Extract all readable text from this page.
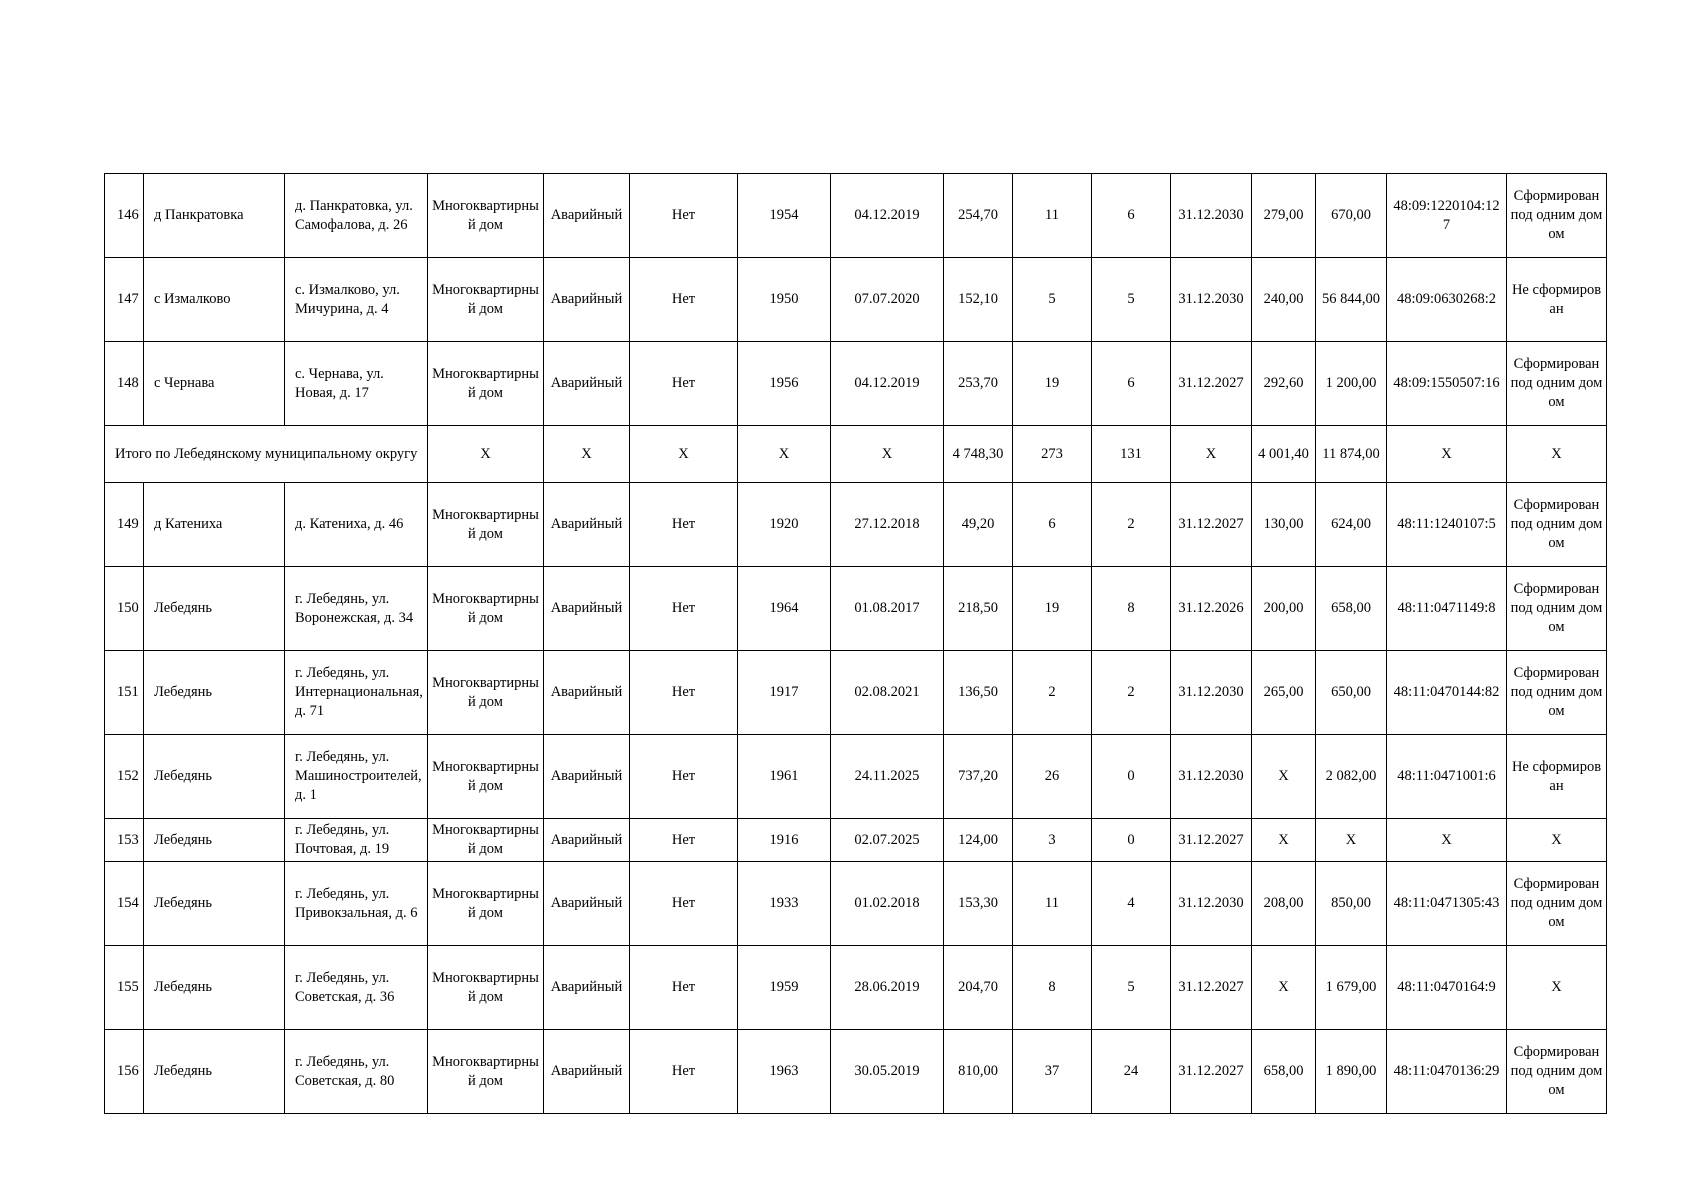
146	д Панкратовка	д. Панкратовка, ул. Самофалова, д. 26	Многоквартирный дом	Аварийный	Нет	1954	04.12.2019	254,70	11	6	31.12.2030	279,00	670,00	48:09:1220104:127	Сформирован под одним домом
147	с Измалково	с. Измалково, ул. Мичурина, д. 4	Многоквартирный дом	Аварийный	Нет	1950	07.07.2020	152,10	5	5	31.12.2030	240,00	56 844,00	48:09:0630268:2	Не сформирован
148	с Чернава	с. Чернава, ул. Новая, д. 17	Многоквартирный дом	Аварийный	Нет	1956	04.12.2019	253,70	19	6	31.12.2027	292,60	1 200,00	48:09:1550507:16	Сформирован под одним домом
Итого по Лебедянскому муниципальному округу			X	X	X	X	X	4 748,30	273	131	X	4 001,40	11 874,00	X	X
149	д Катениха	д. Катениха, д. 46	Многоквартирный дом	Аварийный	Нет	1920	27.12.2018	49,20	6	2	31.12.2027	130,00	624,00	48:11:1240107:5	Сформирован под одним домом
150	Лебедянь	г. Лебедянь, ул. Воронежская, д. 34	Многоквартирный дом	Аварийный	Нет	1964	01.08.2017	218,50	19	8	31.12.2026	200,00	658,00	48:11:0471149:8	Сформирован под одним домом
151	Лебедянь	г. Лебедянь, ул. Интернациональная, д. 71	Многоквартирный дом	Аварийный	Нет	1917	02.08.2021	136,50	2	2	31.12.2030	265,00	650,00	48:11:0470144:82	Сформирован под одним домом
152	Лебедянь	г. Лебедянь, ул. Машиностроителей, д. 1	Многоквартирный дом	Аварийный	Нет	1961	24.11.2025	737,20	26	0	31.12.2030	X	2 082,00	48:11:0471001:6	Не сформирован
153	Лебедянь	г. Лебедянь, ул. Почтовая, д. 19	Многоквартирный дом	Аварийный	Нет	1916	02.07.2025	124,00	3	0	31.12.2027	X	X	X	X
154	Лебедянь	г. Лебедянь, ул. Привокзальная, д. 6	Многоквартирный дом	Аварийный	Нет	1933	01.02.2018	153,30	11	4	31.12.2030	208,00	850,00	48:11:0471305:43	Сформирован под одним домом
155	Лебедянь	г. Лебедянь, ул. Советская, д. 36	Многоквартирный дом	Аварийный	Нет	1959	28.06.2019	204,70	8	5	31.12.2027	X	1 679,00	48:11:0470164:9	X
156	Лебедянь	г. Лебедянь, ул. Советская, д. 80	Многоквартирный дом	Аварийный	Нет	1963	30.05.2019	810,00	37	24	31.12.2027	658,00	1 890,00	48:11:0470136:29	Сформирован под одним домом
